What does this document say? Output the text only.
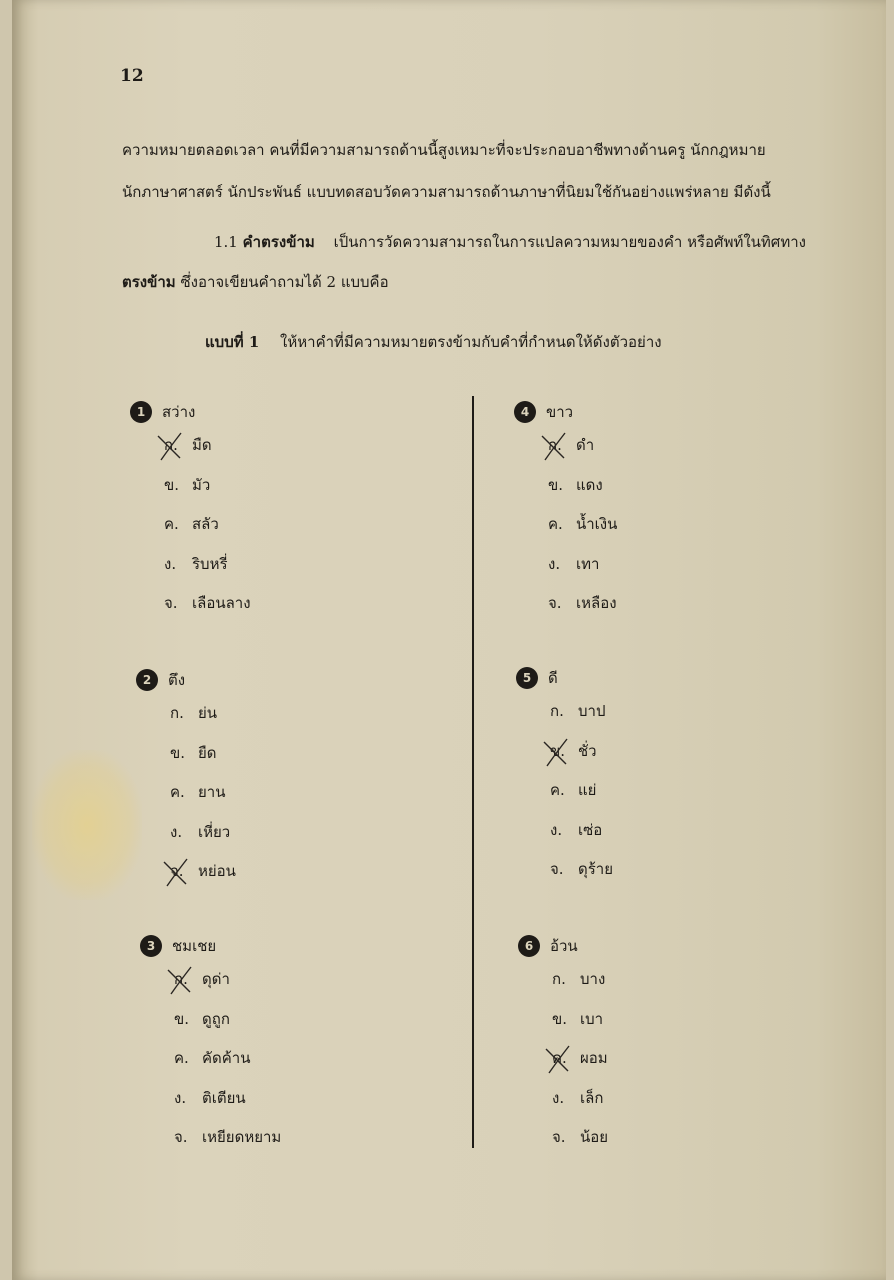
12
ความหมายตลอดเวลา คนที่มีความสามารถด้านนี้สูงเหมาะที่จะประกอบอาชีพทางด้านครู นักกฎหมาย
นักภาษาศาสตร์ นักประพันธ์ แบบทดสอบวัดความสามารถด้านภาษาที่นิยมใช้กันอย่างแพร่หลาย มีดังนี้
1.1 คำตรงข้าม เป็นการวัดความสามารถในการแปลความหมายของคำ หรือศัพท์ในทิศทาง
ตรงข้าม ซึ่งอาจเขียนคำถามได้ 2 แบบคือ
แบบที่ 1 ให้หาคำที่มีความหมายตรงข้ามกับคำที่กำหนดให้ดังตัวอย่าง
1	สว่าง
ก. มืด
ข. มัว
ค. สลัว
ง. ริบหรี่
จ. เลือนลาง
2	ตึง
ก. ย่น
ข. ยืด
ค. ยาน
ง. เหี่ยว
จ. หย่อน
3	ชมเชย
ก. ดุด่า
ข. ดูถูก
ค. คัดค้าน
ง. ติเตียน
จ. เหยียดหยาม
4	ขาว
ก. ดำ
ข. แดง
ค. น้ำเงิน
ง. เทา
จ. เหลือง
5	ดี
ก. บาป
ข. ชั่ว
ค. แย่
ง. เซ่อ
จ. ดุร้าย
6	อ้วน
ก. บาง
ข. เบา
ค. ผอม
ง. เล็ก
จ. น้อย
